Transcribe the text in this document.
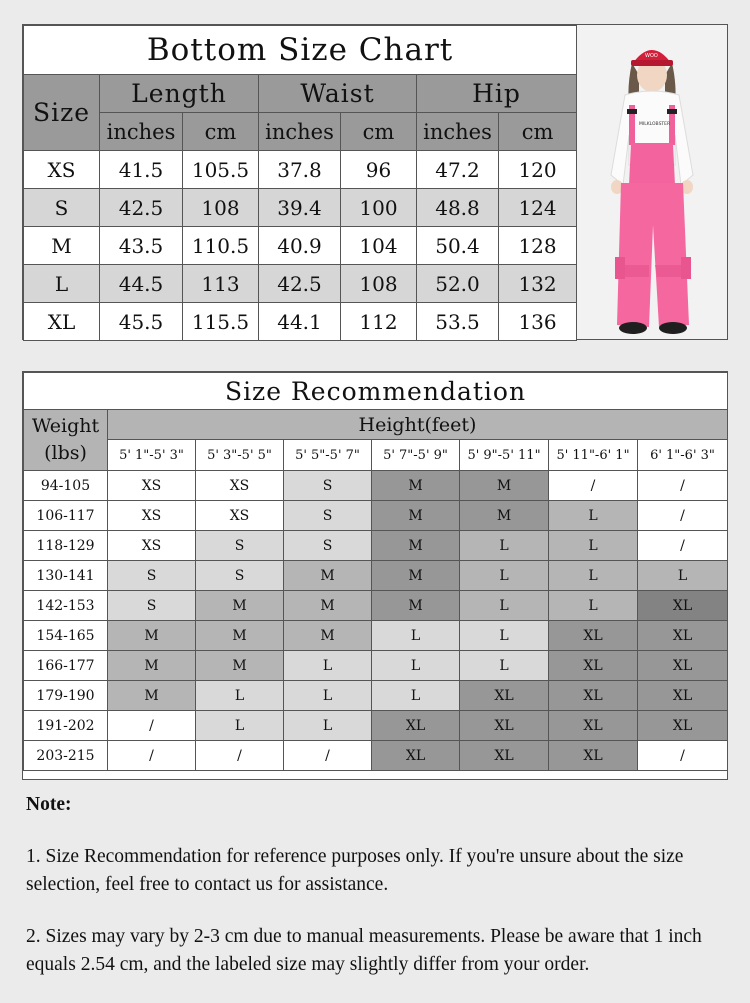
Bottom Size Chart						
Size	Length		Waist		Hip	
	inches	cm	inches	cm	inches	cm
XS	41.5	105.5	37.8	96	47.2	120
S	42.5	108	39.4	100	48.8	124
M	43.5	110.5	40.9	104	50.4	128
L	44.5	113	42.5	108	52.0	132
XL	45.5	115.5	44.1	112	53.5	136
WOO
MILKLOBSTER
Size Recommendation							

Weight
(lbs)	Height(feet)						
	5' 1"-5' 3"	5' 3"-5' 5"	5' 5"-5' 7"	5' 7"-5' 9"	5' 9"-5' 11"	5' 11"-6' 1"	6' 1"-6' 3"
94-105	XS	XS	S	M	M	/	/
106-117	XS	XS	S	M	M	L	/
118-129	XS	S	S	M	L	L	/
130-141	S	S	M	M	L	L	L
142-153	S	M	M	M	L	L	XL
154-165	M	M	M	L	L	XL	XL
166-177	M	M	L	L	L	XL	XL
179-190	M	L	L	L	XL	XL	XL
191-202	/	L	L	XL	XL	XL	XL
203-215	/	/	/	XL	XL	XL	/
Note:

1. Size Recommendation for reference purposes only. If you're unsure about the size selection, feel free to contact us for assistance.

2. Sizes may vary by 2-3 cm due to manual measurements. Please be aware that 1 inch equals 2.54 cm, and the labeled size may slightly differ from your order.
